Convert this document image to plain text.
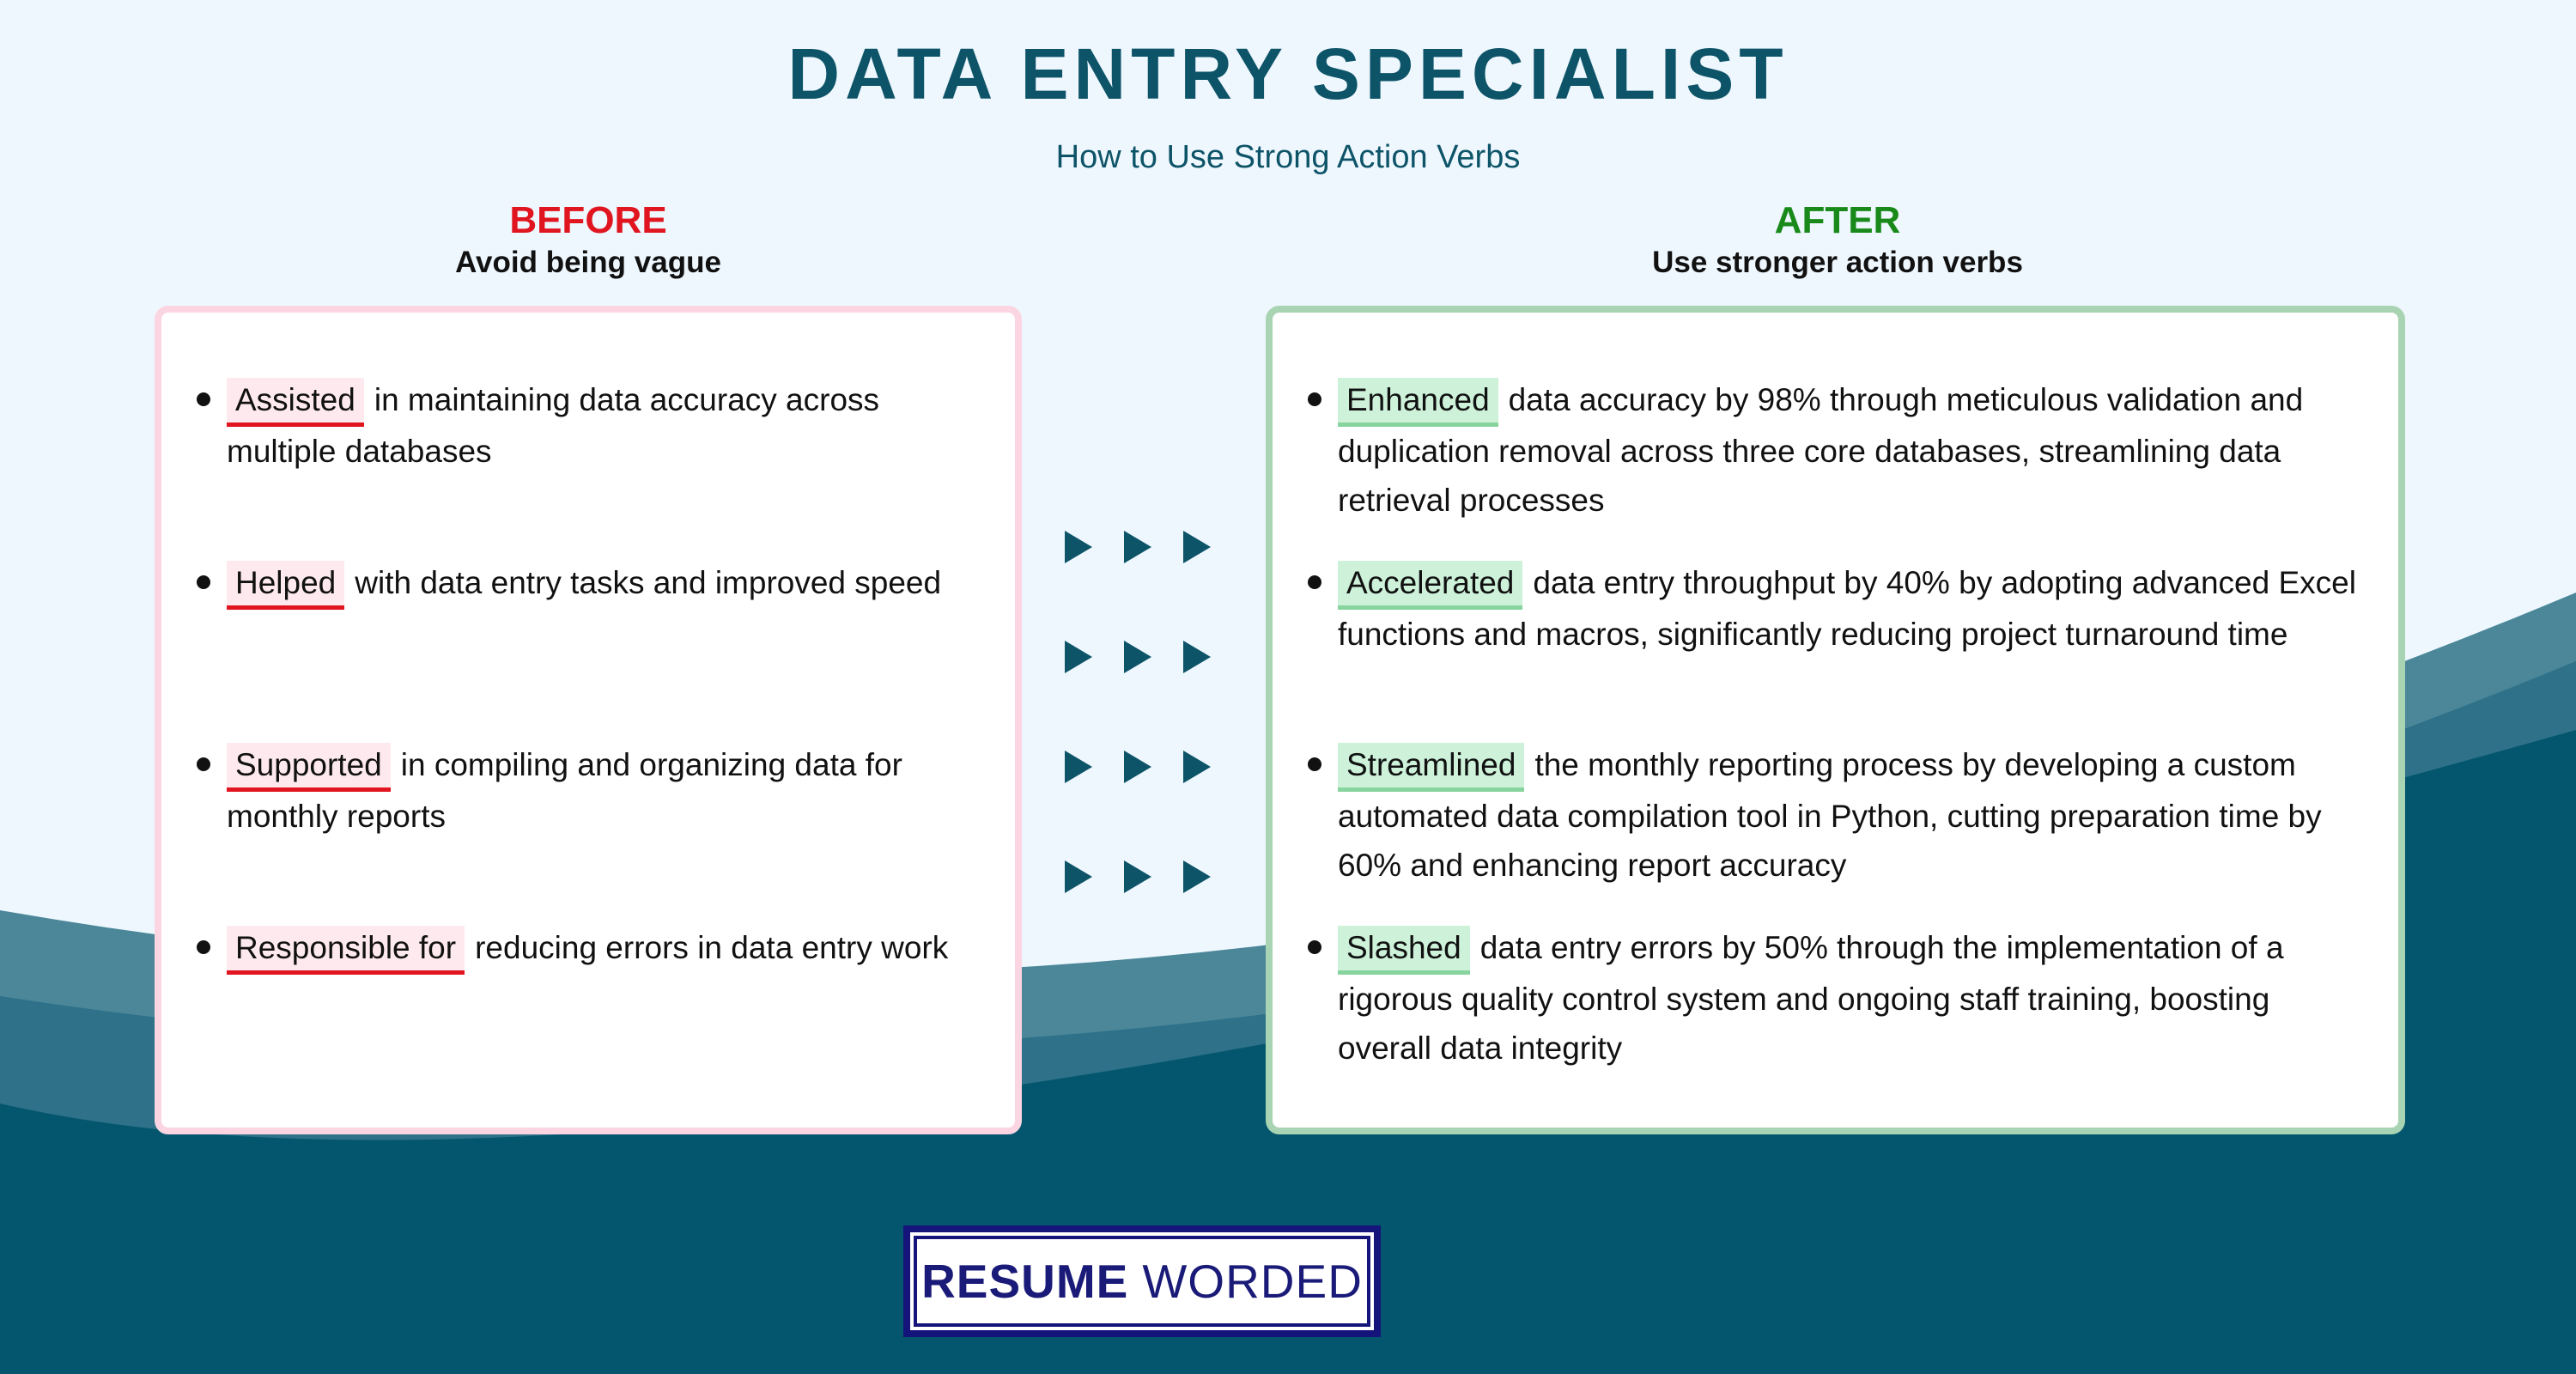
DATA ENTRY SPECIALIST
How to Use Strong Action Verbs
BEFORE
Avoid being vague
AFTER
Use stronger action verbs
Assisted in maintaining data accuracy across multiple databases
Helped with data entry tasks and improved speed
Supported in compiling and organizing data for monthly reports
Responsible for reducing errors in data entry work
Enhanced data accuracy by 98% through meticulous validation and duplication removal across three core databases, streamlining data retrieval processes
Accelerated data entry throughput by 40% by adopting advanced Excel functions and macros, significantly reducing project turnaround time
Streamlined the monthly reporting process by developing a custom automated data compilation tool in Python, cutting preparation time by 60% and enhancing report accuracy
Slashed data entry errors by 50% through the implementation of a rigorous quality control system and ongoing staff training, boosting overall data integrity
RESUME WORDED
